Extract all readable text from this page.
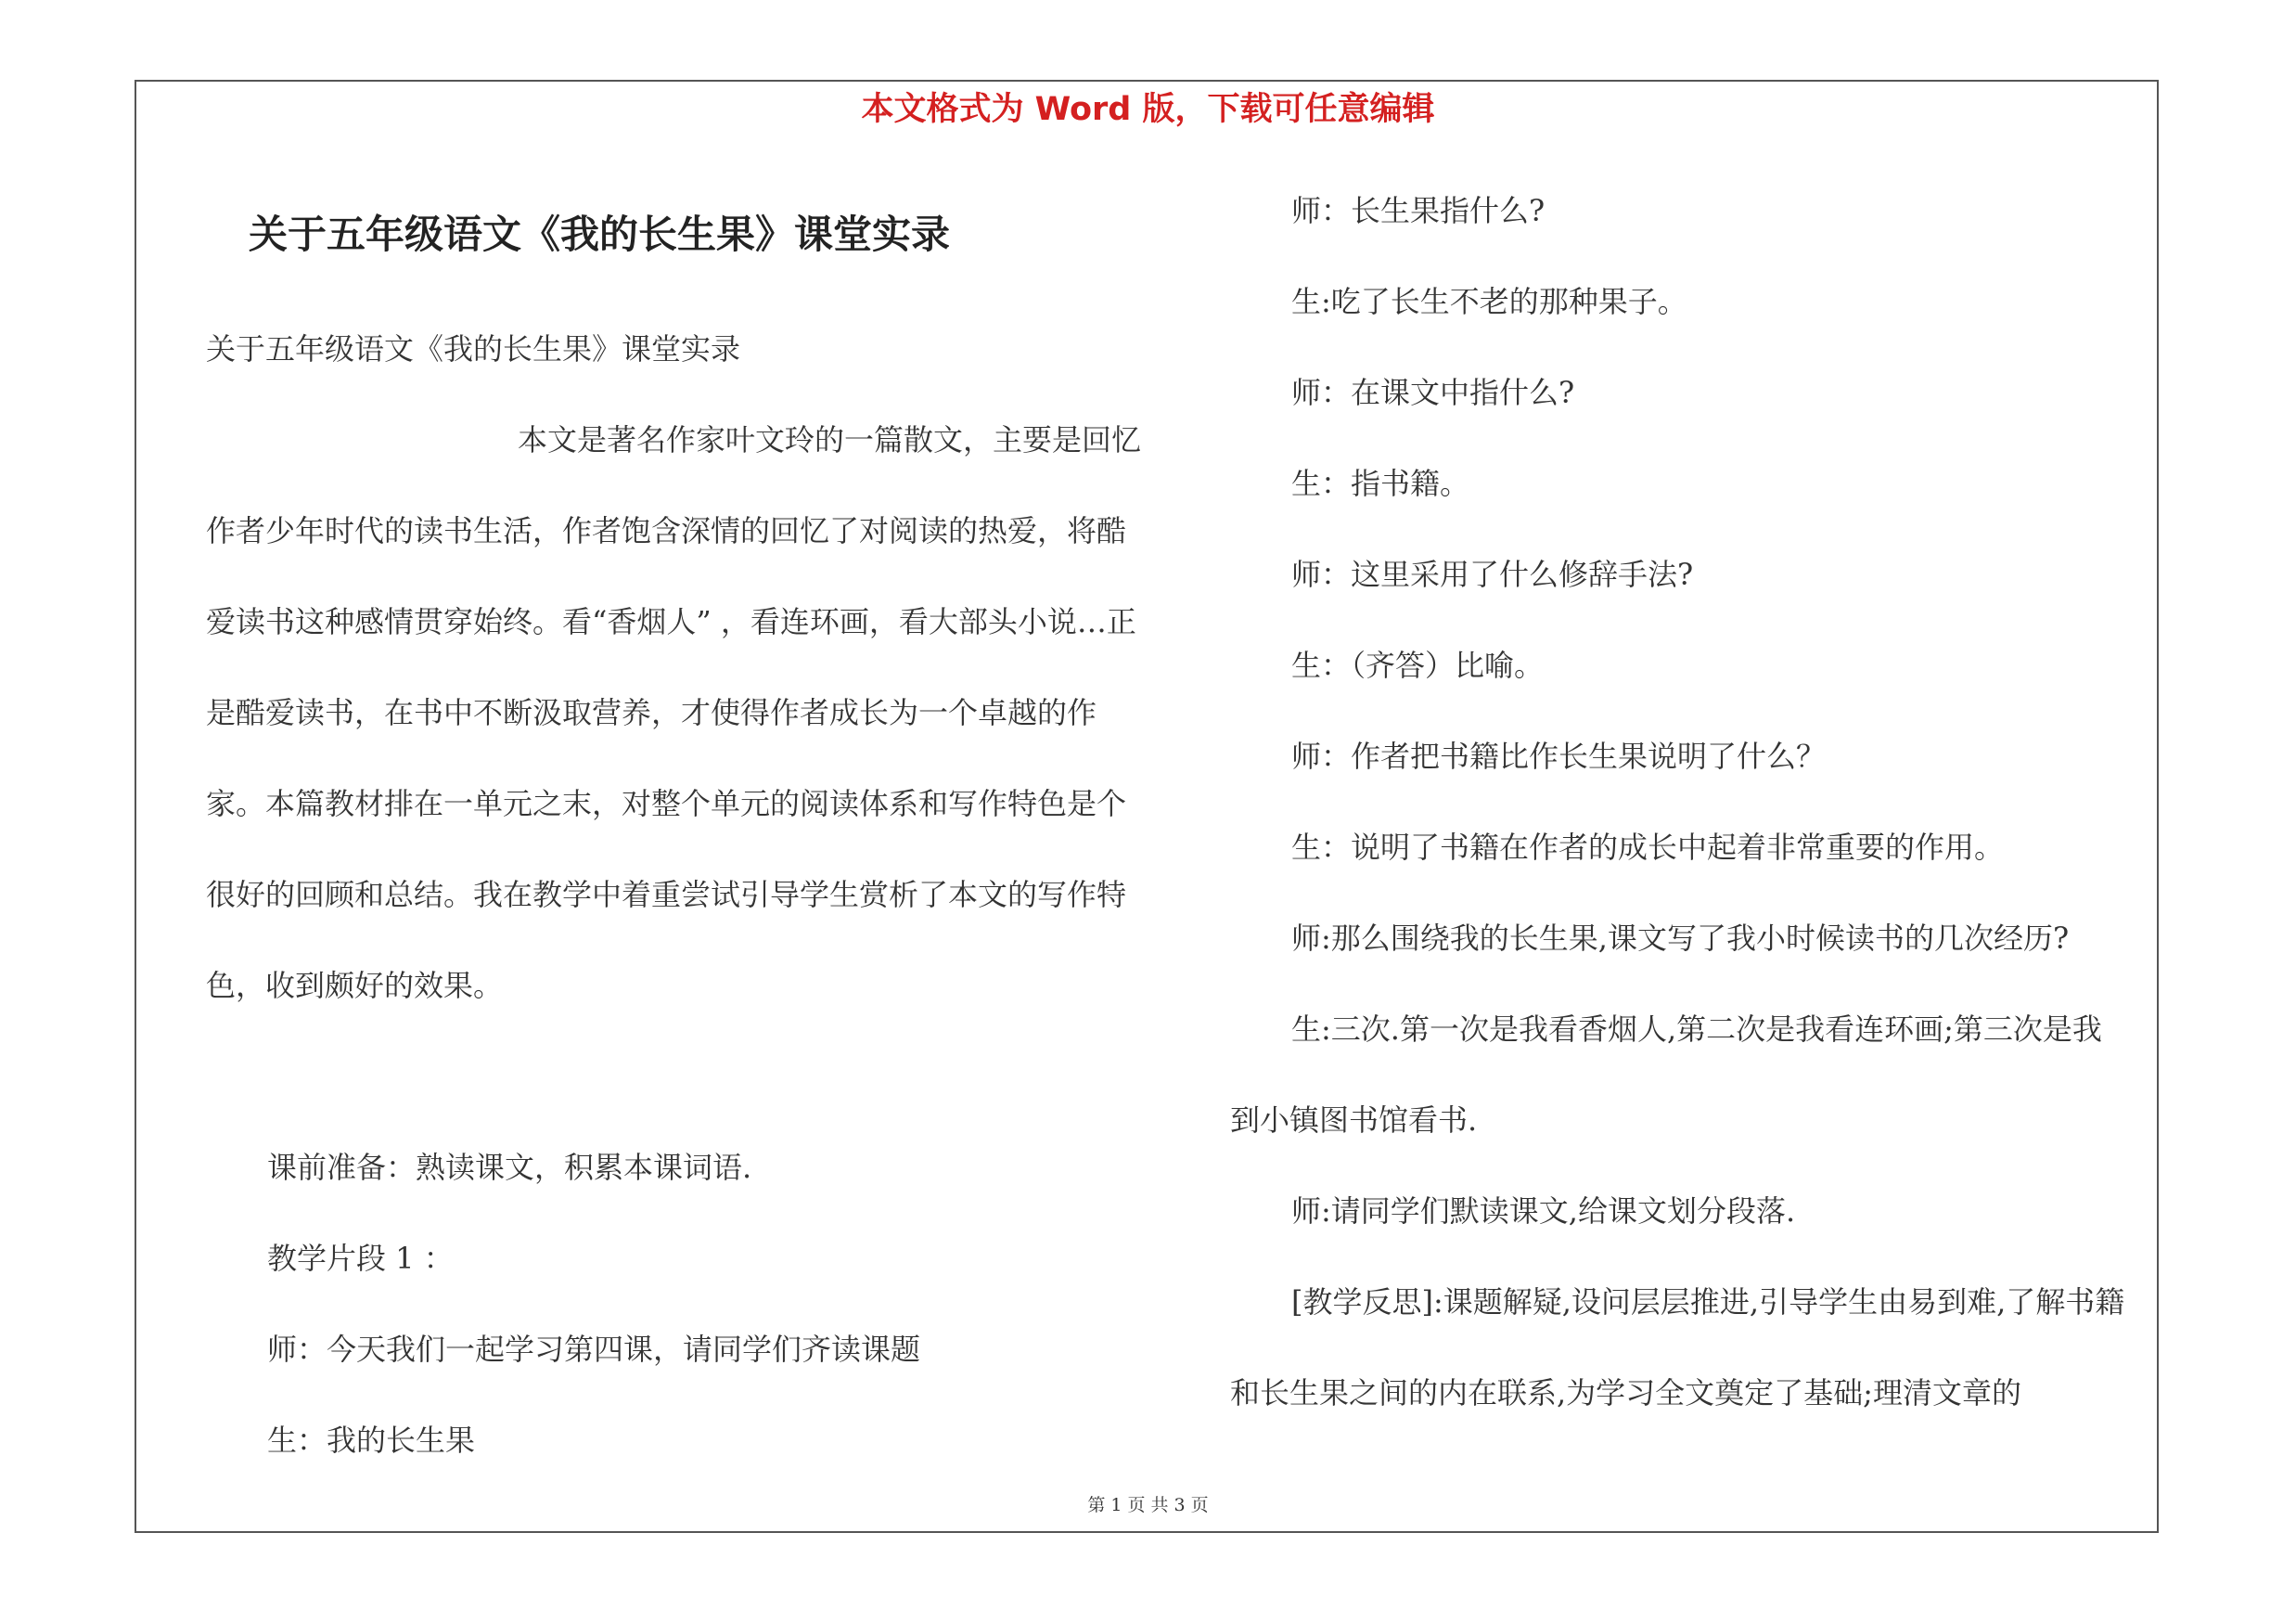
本文格式为 Word 版，下载可任意编辑
关于五年级语文《我的长生果》课堂实录

关于五年级语文《我的长生果》课堂实录

本文是著名作家叶文玲的一篇散文，主要是回忆作者少年时代的读书生活，作者饱含深情的回忆了对阅读的热爱，将酷爱读书这种感情贯穿始终。看“香烟人” ，看连环画，看大部头小说…正是酷爱读书，在书中不断汲取营养，才使得作者成长为一个卓越的作家。本篇教材排在一单元之末，对整个单元的阅读体系和写作特色是个很好的回顾和总结。我在教学中着重尝试引导学生赏析了本文的写作特色，收到颇好的效果。

课前准备：熟读课文，积累本课词语.

教学片段 1 ：

师：今天我们一起学习第四课，请同学们齐读课题

生：我的长生果

师：长生果指什么?

生:吃了长生不老的那种果子。

师：在课文中指什么?

生：指书籍。

师：这里采用了什么修辞手法?

生：（齐答）比喻。

师：作者把书籍比作长生果说明了什么？

生：说明了书籍在作者的成长中起着非常重要的作用。

师:那么围绕我的长生果,课文写了我小时候读书的几次经历?

生:三次.第一次是我看香烟人,第二次是我看连环画;第三次是我到小镇图书馆看书.

师:请同学们默读课文,给课文划分段落.

[教学反思]:课题解疑,设问层层推进,引导学生由易到难,了解书籍和长生果之间的内在联系,为学习全文奠定了基础;理清文章的

第 1 页 共 3 页
